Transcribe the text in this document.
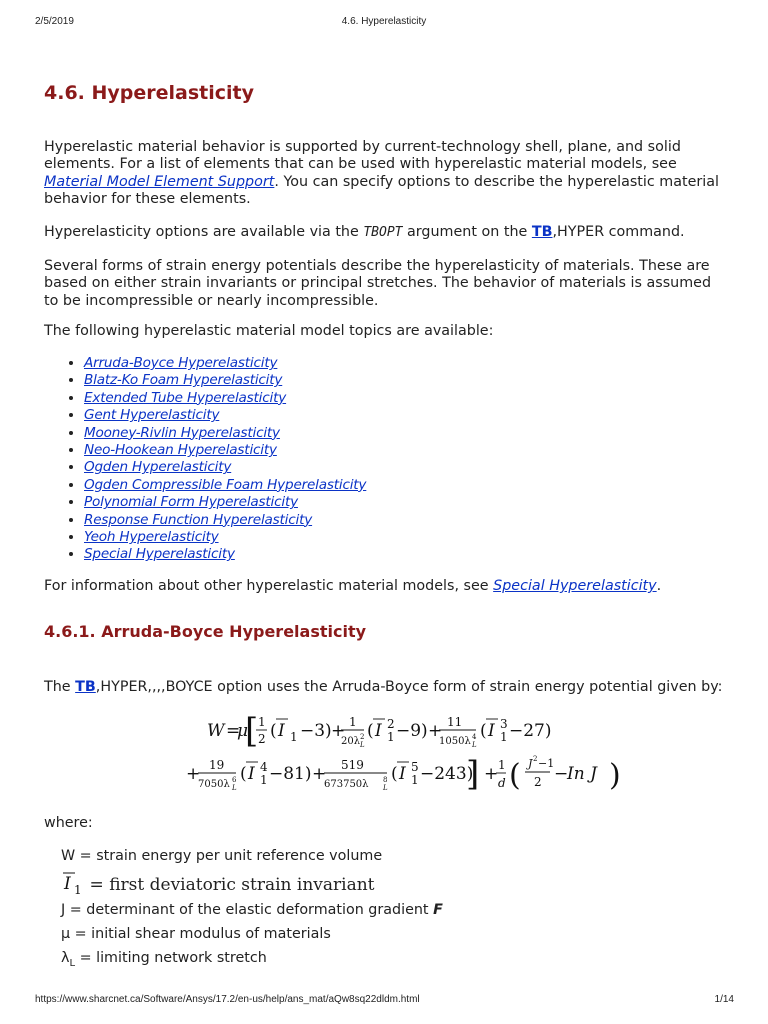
2/5/2019	4.6. Hyperelasticity
4.6. Hyperelasticity

Hyperelastic material behavior is supported by current-technology shell, plane, and solid elements. For a list of elements that can be used with hyperelastic material models, see Material Model Element Support. You can specify options to describe the hyperelastic material behavior for these elements.

Hyperelasticity options are available via the TBOPT argument on the TB,HYPER command.

Several forms of strain energy potentials describe the hyperelasticity of materials. These are based on either strain invariants or principal stretches. The behavior of materials is assumed to be incompressible or nearly incompressible.

The following hyperelastic material model topics are available:

• Arruda-Boyce Hyperelasticity
• Blatz-Ko Foam Hyperelasticity
• Extended Tube Hyperelasticity
• Gent Hyperelasticity
• Mooney-Rivlin Hyperelasticity
• Neo-Hookean Hyperelasticity
• Ogden Hyperelasticity
• Ogden Compressible Foam Hyperelasticity
• Polynomial Form Hyperelasticity
• Response Function Hyperelasticity
• Yeoh Hyperelasticity
• Special Hyperelasticity

For information about other hyperelastic material models, see Special Hyperelasticity.

4.6.1. Arruda-Boyce Hyperelasticity

The TB,HYPER,,,,BOYCE option uses the Arruda-Boyce form of strain energy potential given by:

W =
μ
[ 1
2 ( I 1 −3) + 1
20λ 2
L
( I 2
1 −9) + 11
1050λ 4
L
( I 3
1 −27)
+ 19
7050λ 6
L
( I 4
1 −81) + 519
673750λ 8
L
( I 5
1 −243)
] + 1
d ( J 2 −1
2 −
In J )

where:

W = strain energy per unit reference volume
I 1 = first deviatoric strain invariant
J = determinant of the elastic deformation gradient F
μ = initial shear modulus of materials
$\lambda_L$ = limiting network stretch
https://www.sharcnet.ca/Software/Ansys/17.2/en-us/help/ans_mat/aQw8sq22dldm.html	1/14
